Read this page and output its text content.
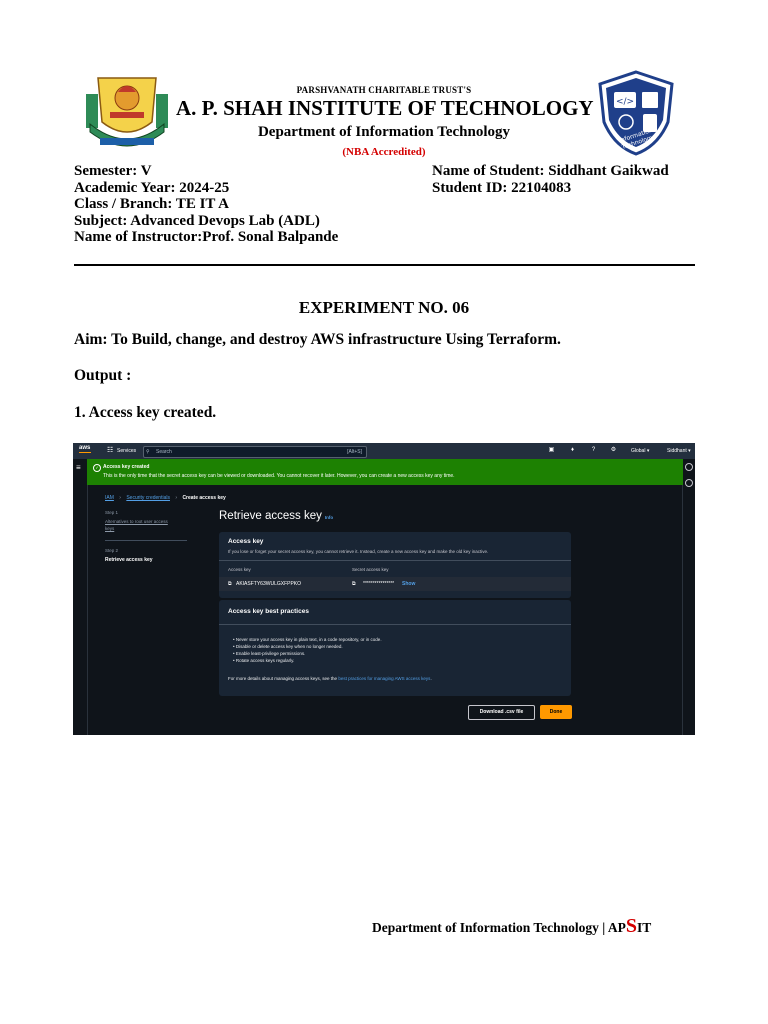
PARSHVANATH CHARITABLE TRUST'S
A. P. SHAH INSTITUTE OF TECHNOLOGY
Department of Information Technology
(NBA Accredited)
</>
Information Technology
Semester: V
Academic Year: 2024-25
Class / Branch: TE IT A
Subject: Advanced Devops Lab (ADL)
Name of Instructor:Prof. Sonal Balpande
Name of Student: Siddhant Gaikwad
Student ID: 22104083
EXPERIMENT NO. 06
Aim: To Build, change, and destroy AWS infrastructure Using Terraform.
Output :
1. Access key created.
aws ☷ Services ⚲ Search	[Alt+S]	▣	♦	?	⚙	Global ▾	Siddhant ▾
≡	✓ Access key created
This is the only time that the secret access key can be viewed or downloaded. You cannot recover it later. However, you can create a new access key any time.
IAM › Security credentials › Create access key
Step 1
Alternatives to root user access
keys
Step 2
Retrieve access key
Retrieve access key Info
Access key
If you lose or forget your secret access key, you cannot retrieve it. Instead, create a new access key and make the old key inactive.
Access key	Secret access key
⧉ AKIASFTY63WULGXFPPKO	⧉ **************** Show
Access key best practices
• Never store your access key in plain text, in a code repository, or in code.
• Disable or delete access key when no longer needed.
• Enable least-privilege permissions.
• Rotate access keys regularly.
For more details about managing access keys, see the best practices for managing AWS access keys.
Download .csv file	Done
Department of Information Technology | APSIT
